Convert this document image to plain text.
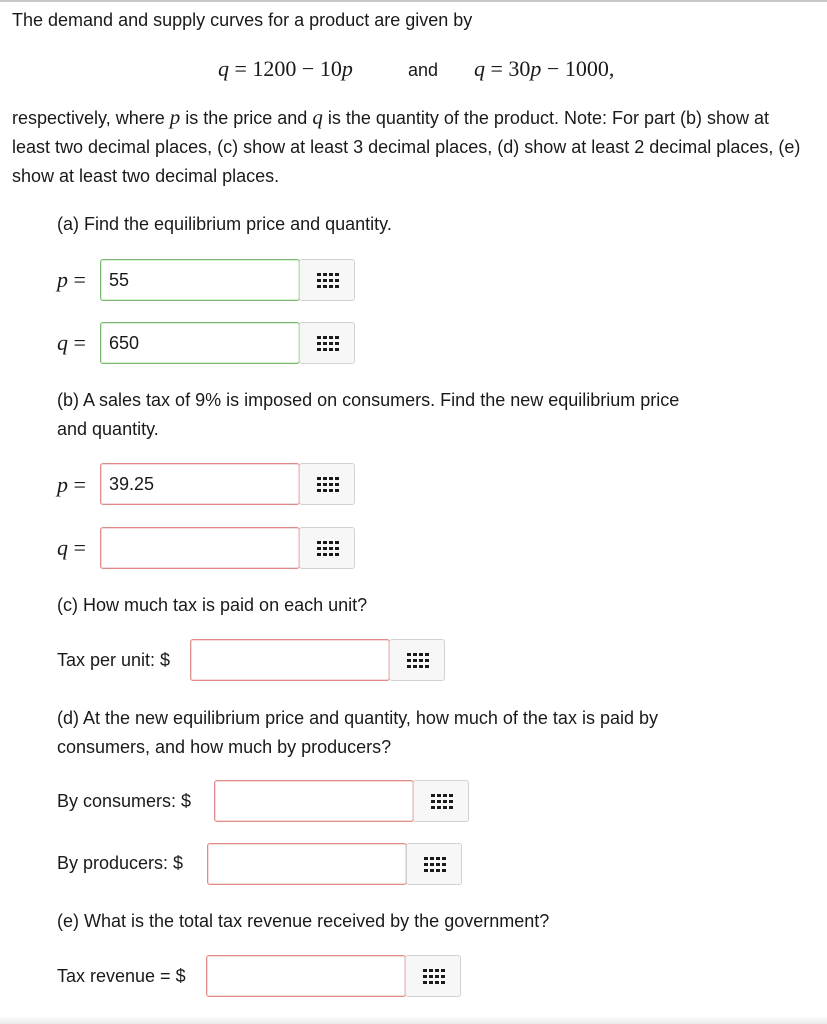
The demand and supply curves for a product are given by
q = 1200 − 10p	and q = 30p − 1000,
respectively, where p is the price and q is the quantity of the product. Note: For part (b) show at least two decimal places, (c) show at least 3 decimal places, (d) show at least 2 decimal places, (e) show at least two decimal places.
(a) Find the equilibrium price and quantity.
p =	55
q =	650
(b) A sales tax of 9% is imposed on consumers. Find the new equilibrium price
and quantity.
p =	39.25
q =
(c) How much tax is paid on each unit?
Tax per unit: $
(d) At the new equilibrium price and quantity, how much of the tax is paid by
consumers, and how much by producers?
By consumers: $
By producers: $
(e) What is the total tax revenue received by the government?
Tax revenue = $
